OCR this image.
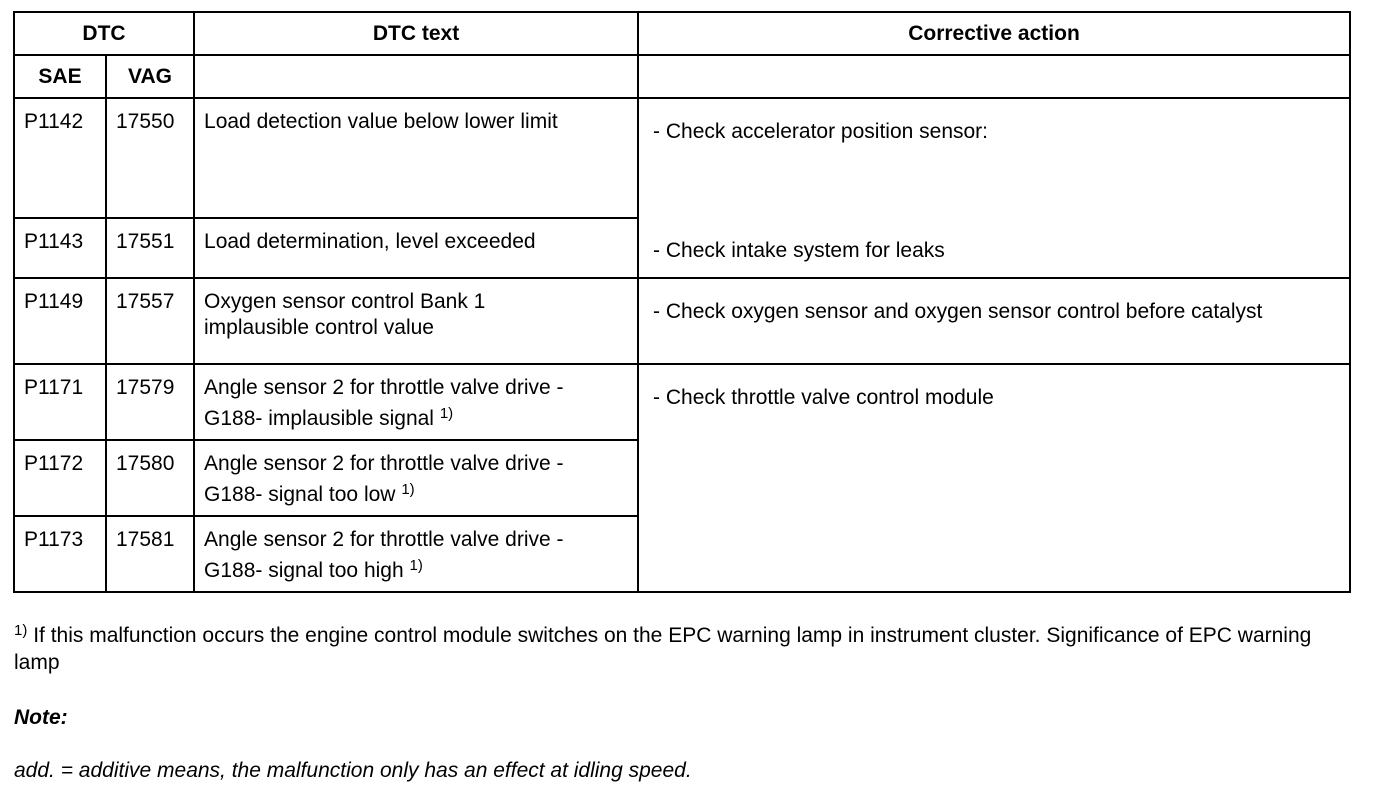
DTC		DTC text	Corrective action
SAE	VAG		

P1142	17550	Load detection value below lower limit	- Check accelerator position sensor:
- Check intake system for leaks

P1143	17551	Load determination, level exceeded	

P1149	17557	Oxygen sensor control Bank 1
implausible control value	- Check oxygen sensor and oxygen sensor control before catalyst

P1171	17579	Angle sensor 2 for throttle valve drive -
G188- implausible signal $^{1)}$	- Check throttle valve control module

P1172	17580	Angle sensor 2 for throttle valve drive -
G188- signal too low $^{1)}$

P1173	17581	Angle sensor 2 for throttle valve drive -
G188- signal too high $^{1)}$
$^{1)}$ If this malfunction occurs the engine control module switches on the EPC warning lamp in instrument cluster. Significance of EPC warning lamp
Note:
add. = additive means, the malfunction only has an effect at idling speed.
